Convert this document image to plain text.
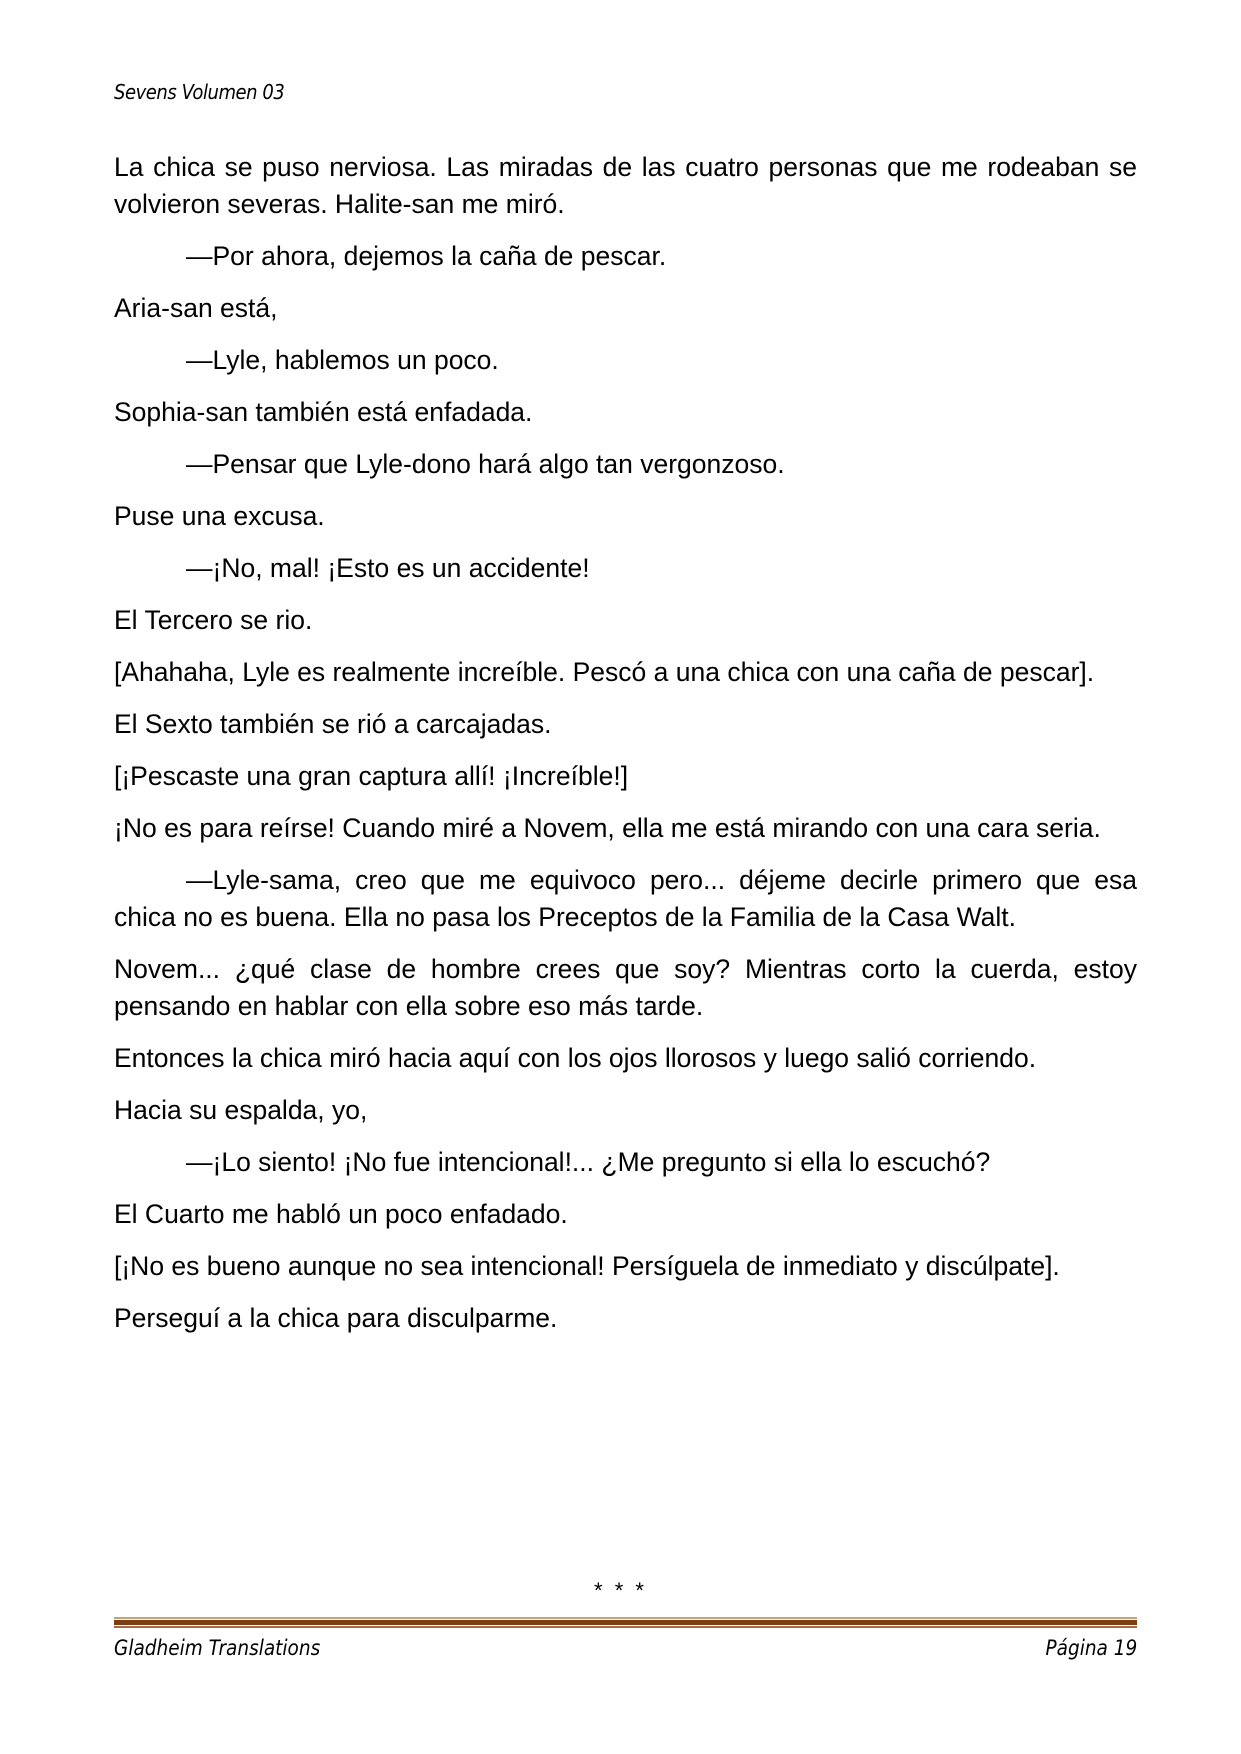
Sevens Volumen 03

La chica se puso nerviosa. Las miradas de las cuatro personas que me rodeaban se volvieron severas. Halite-san me miró.

—Por ahora, dejemos la caña de pescar.

Aria-san está,

—Lyle, hablemos un poco.

Sophia-san también está enfadada.

—Pensar que Lyle-dono hará algo tan vergonzoso.

Puse una excusa.

—¡No, mal! ¡Esto es un accidente!

El Tercero se rio.

[Ahahaha, Lyle es realmente increíble. Pescó a una chica con una caña de pescar].

El Sexto también se rió a carcajadas.

[¡Pescaste una gran captura allí! ¡Increíble!]

¡No es para reírse! Cuando miré a Novem, ella me está mirando con una cara seria.

—Lyle-sama, creo que me equivoco pero... déjeme decirle primero que esa chica no es buena. Ella no pasa los Preceptos de la Familia de la Casa Walt.

Novem... ¿qué clase de hombre crees que soy? Mientras corto la cuerda, estoy pensando en hablar con ella sobre eso más tarde.

Entonces la chica miró hacia aquí con los ojos llorosos y luego salió corriendo.

Hacia su espalda, yo,

—¡Lo siento! ¡No fue intencional!... ¿Me pregunto si ella lo escuchó?

El Cuarto me habló un poco enfadado.

[¡No es bueno aunque no sea intencional! Persíguela de inmediato y discúlpate].

Perseguí a la chica para disculparme.

* * *
Gladheim Translations	Página 19
